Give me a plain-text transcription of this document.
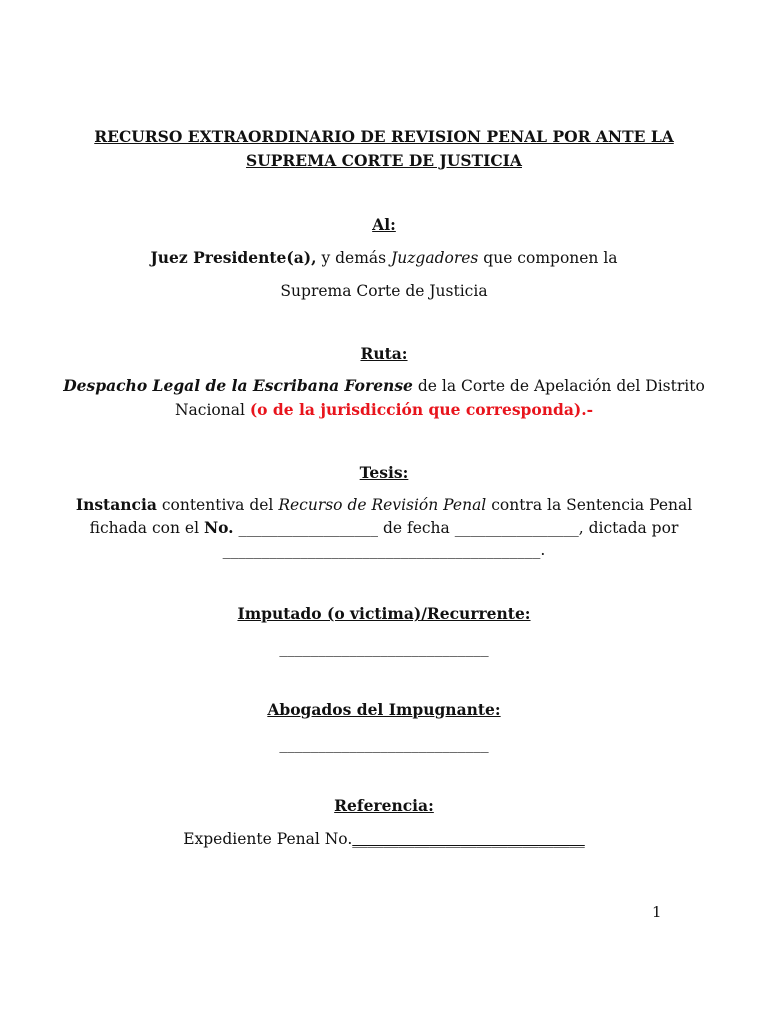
RECURSO EXTRAORDINARIO DE REVISION PENAL POR ANTE LA
SUPREMA CORTE DE JUSTICIA
Al:
Juez Presidente(a), y demás Juzgadores que componen la
Suprema Corte de Justicia
Ruta:
Despacho Legal de la Escribana Forense de la Corte de Apelación del Distrito
Nacional (o de la jurisdicción que corresponda).-
Tesis:
Instancia contentiva del Recurso de Revisión Penal contra la Sentencia Penal
fichada con el No. __________________ de fecha ________________, dictada por
_________________________________________.
Imputado (o victima)/Recurrente:
___________________________
Abogados del Impugnante:
___________________________
Referencia:
Expediente Penal No.______________________________
1
